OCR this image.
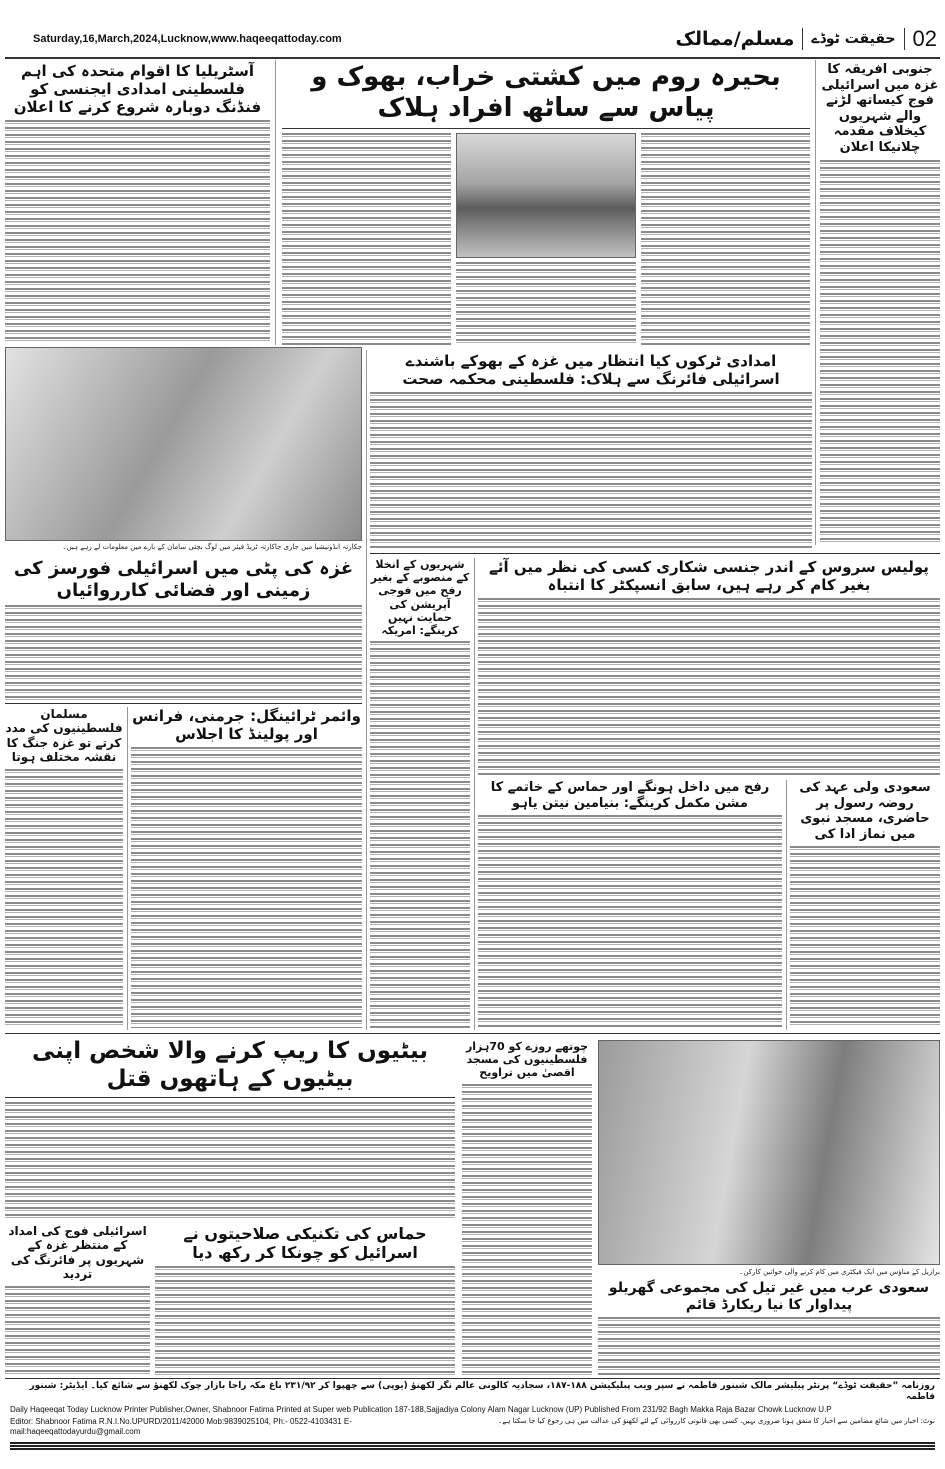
Saturday,16,March,2024,Lucknow,www.haqeeqattoday.com	مسلم/ممالک حقیقت ٹوڈے 02
آسٹریلیا کا اقوام متحدہ کی اہم فلسطینی امدادی ایجنسی کو فنڈنگ دوبارہ شروع کرنے کا اعلان
بحیرہ روم میں کشتی خراب، بھوک و پیاس سے ساٹھ افراد ہلاک
جنوبی افریقہ کا غزہ میں اسرائیلی فوج کیساتھ لڑنے والے شہریوں کیخلاف مقدمہ چلانیکا اعلان
جکارتہ انڈونیشیا میں جاری جاکارتہ ٹریڈ فیئر میں لوگ بچتی سامان کے بارے میں معلومات لے رہے ہیں۔
امدادی ٹرکوں کیا انتظار میں غزہ کے بھوکے باشندے اسرائیلی فائرنگ سے ہلاک: فلسطینی محکمہ صحت
غزہ کی پٹی میں اسرائیلی فورسز کی زمینی اور فضائی کارروائیاں
شہریوں کے انخلا کے منصوبے کے بغیر رفح میں فوجی آپریشن کی حمایت نہیں کرینگے: امریکہ
پولیس سروس کے اندر جنسی شکاری کسی کی نظر میں آئے بغیر کام کر رہے ہیں، سابق انسپکٹر کا انتباہ
مسلمان فلسطینیوں کی مدد کرتے تو غزہ جنگ کا نقشہ مختلف ہوتا
وائمر ٹرائینگل: جرمنی، فرانس اور پولینڈ کا اجلاس
رفح میں داخل ہونگے اور حماس کے خاتمے کا مشن مکمل کرینگے: بنیامین نیتن یاہو
سعودی ولی عہد کی روضہ رسول پر حاضری، مسجد نبوی میں نماز ادا کی
بیٹیوں کا ریپ کرنے والا شخص اپنی بیٹیوں کے ہاتھوں قتل
چوتھے روزے کو 70ہزار فلسطینیوں کی مسجد اقصیٰ میں تراویح
برازیل کے مناؤس میں ایک فیکٹری میں کام کرنے والی خواتین کارکن۔
سعودی عرب میں غیر تیل کی مجموعی گھریلو پیداوار کا نیا ریکارڈ قائم
اسرائیلی فوج کی امداد کے منتظر غزہ کے شہریوں پر فائرنگ کی تردید
حماس کی تکنیکی صلاحیتوں نے اسرائیل کو چونکا کر رکھ دیا
روزنامہ ”حقیقت ٹوڈے“ پرنٹر پبلیشر مالک شبنور فاطمہ نے سپر ویب پبلیکیشن ۱۸۸-۱۸۷، سجادیہ کالونی عالم نگر لکھنؤ (یوپی) سے چھپوا کر ۲۳۱/۹۲ باغ مکہ راجا بازار چوک لکھنؤ سے شائع کیا۔ ایڈیٹر: شبنور فاطمہ
Daily Haqeeqat Today Lucknow Printer Publisher,Owner, Shabnoor Fatima Printed at Super web Publication 187-188,Sajjadiya Colony Alam Nagar Lucknow (UP) Published From 231/92 Bagh Makka Raja Bazar Chowk Lucknow U.P
Editor: Shabnoor Fatima R.N.I.No.UPURD/2011/42000 Mob:9839025104, Ph:- 0522-4103431 E-mail:haqeeqattodayurdu@gmail.com
نوٹ: اخبار میں شائع مضامین سے اخبار کا متفق ہونا ضروری نہیں، کسی بھی قانونی کارروائی کے لئے لکھنؤ کی عدالت میں ہی رجوع کیا جا سکتا ہے۔
